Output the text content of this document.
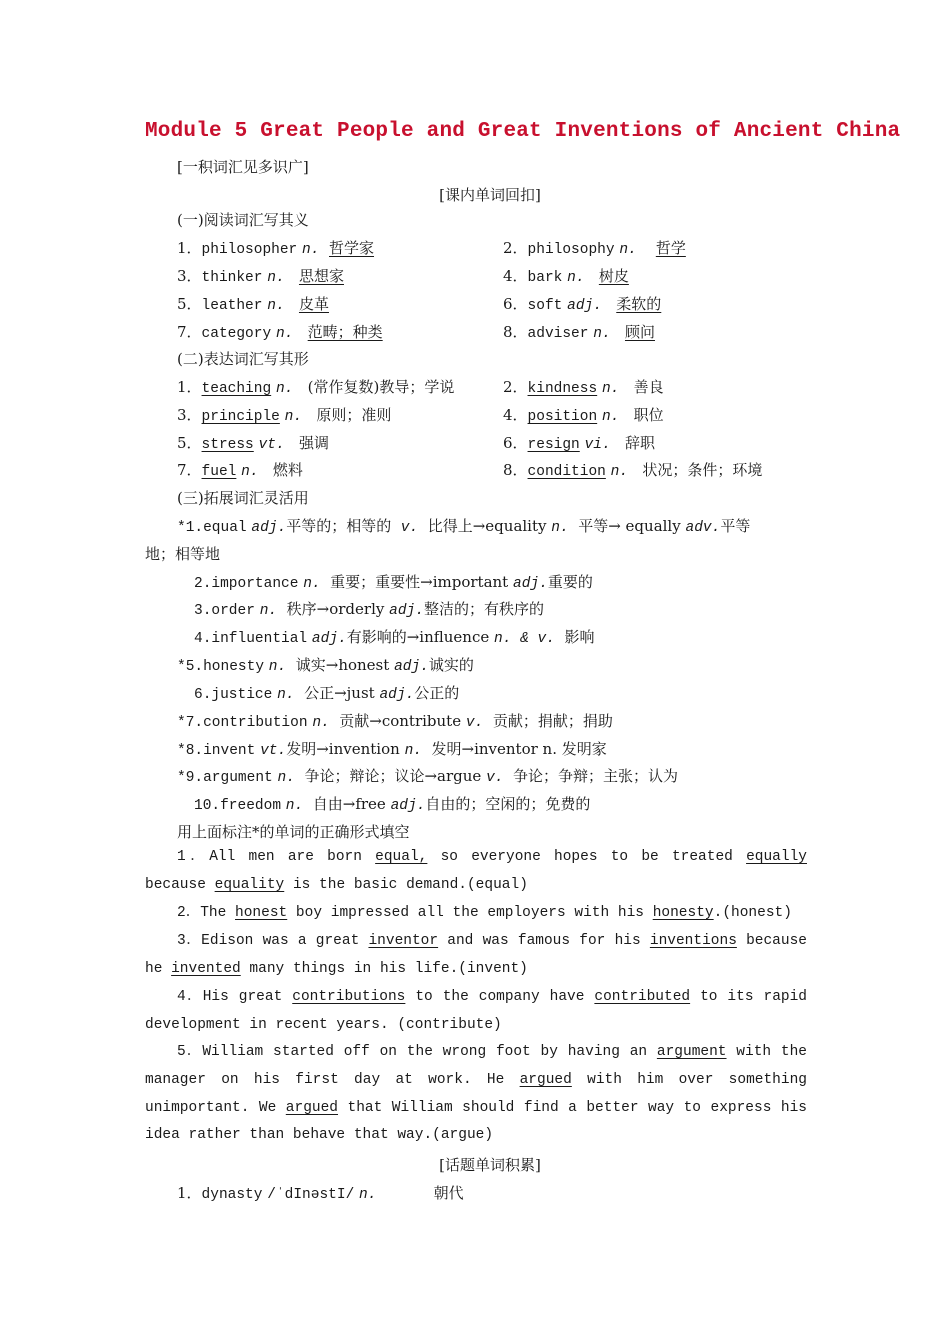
Module 5 Great People and Great Inventions of Ancient China
[一积词汇见多识广]
[课内单词回扣]
(一)阅读词汇写其义
1．philosopher n. 哲学家	2．philosophy n. 哲学
3．thinker n. 思想家	4．bark n. 树皮
5．leather n. 皮革	6．soft adj. 柔软的
7．category n. 范畴；种类	8．adviser n. 顾问
(二)表达词汇写其形
1．teaching n. (常作复数)教导；学说	2．kindness n. 善良
3．principle n. 原则；准则	4．position n. 职位
5．stress vt. 强调	6．resign vi. 辞职
7．fuel n. 燃料	8．condition n. 状况；条件；环境
(三)拓展词汇灵活用
*1.equal adj.平等的；相等的 v. 比得上→equality n. 平等→ equally adv.平等
地；相等地
2.importance n. 重要；重要性→important adj.重要的
3.order n. 秩序→orderly adj.整洁的；有秩序的
4.influential adj.有影响的→influence n. & v. 影响
*5.honesty n. 诚实→honest adj.诚实的
6.justice n. 公正→just adj.公正的
*7.contribution n. 贡献→contribute v. 贡献；捐献；捐助
*8.invent vt.发明→invention n. 发明→inventor n. 发明家
*9.argument n. 争论；辩论；议论→argue v. 争论；争辩；主张；认为
10.freedom n. 自由→free adj.自由的；空闲的；免费的
用上面标注*的单词的正确形式填空
1．All men are born equal, so everyone hopes to be treated equally because equality is the basic demand.(equal)
2．The honest boy impressed all the employers with his honesty.(honest)
3．Edison was a great inventor and was famous for his inventions because he invented many things in his life.(invent)
4．His great contributions to the company have contributed to its rapid development in recent years. (contribute)
5．William started off on the wrong foot by having an argument with the manager on his first day at work. He argued with him over something unimportant. We argued that William should find a better way to express his idea rather than behave that way.(argue)
[话题单词积累]
1．dynasty /ˈdInəstI/ n.	朝代
